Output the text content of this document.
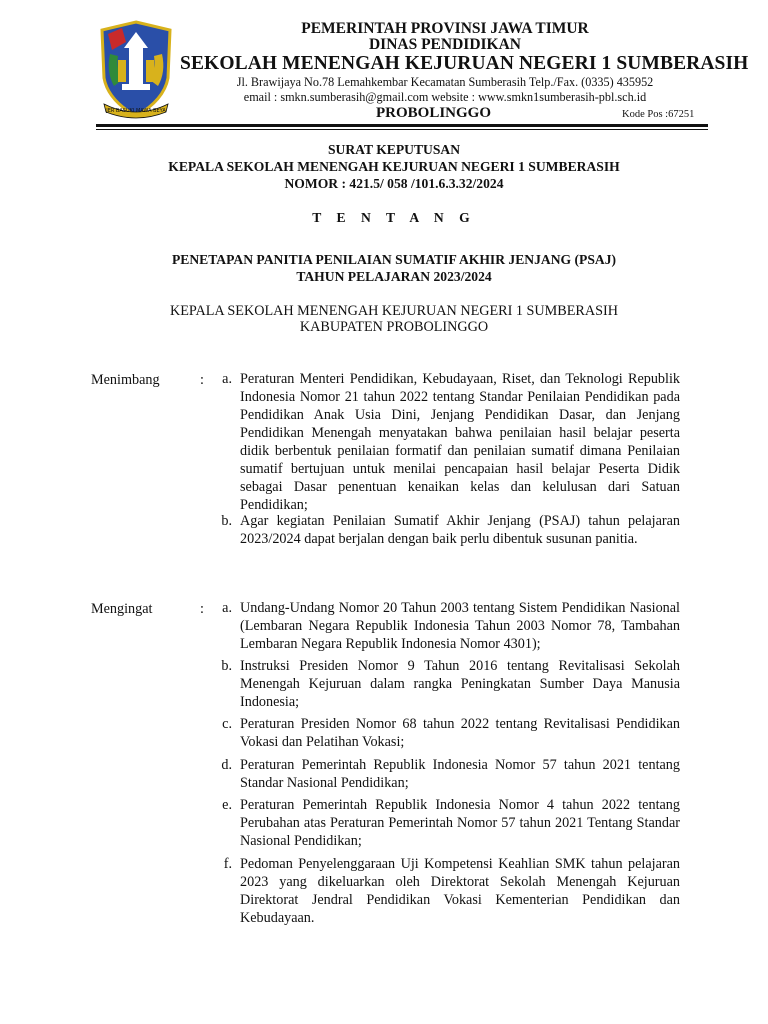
JER BASUKI MAWA BEYA
PEMERINTAH PROVINSI JAWA TIMUR
DINAS PENDIDIKAN
SEKOLAH MENENGAH KEJURUAN NEGERI 1 SUMBERASIH
Jl. Brawijaya No.78 Lemahkembar Kecamatan Sumberasih Telp./Fax. (0335) 435952
email : smkn.sumberasih@gmail.com website : www.smkn1sumberasih-pbl.sch.id
PROBOLINGGO	Kode Pos :67251
SURAT KEPUTUSAN
KEPALA SEKOLAH MENENGAH KEJURUAN NEGERI 1 SUMBERASIH
NOMOR : 421.5/ 058 /101.6.3.32/2024
T E N T A N G
PENETAPAN PANITIA PENILAIAN SUMATIF AKHIR JENJANG (PSAJ)
TAHUN PELAJARAN 2023/2024
KEPALA SEKOLAH MENENGAH KEJURUAN NEGERI 1 SUMBERASIH
KABUPATEN PROBOLINGGO
Menimbang	:	a. Peraturan Menteri Pendidikan, Kebudayaan, Riset, dan Teknologi Republik Indonesia Nomor 21 tahun 2022 tentang Standar Penilaian Pendidikan pada Pendidikan Anak Usia Dini, Jenjang Pendidikan Dasar, dan Jenjang Pendidikan Menengah menyatakan bahwa penilaian hasil belajar peserta didik berbentuk penilaian formatif dan penilaian sumatif dimana Penilaian sumatif bertujuan untuk menilai pencapaian hasil belajar Peserta Didik sebagai Dasar penentuan kenaikan kelas dan kelulusan dari Satuan Pendidikan;
b. Agar kegiatan Penilaian Sumatif Akhir Jenjang (PSAJ) tahun pelajaran 2023/2024 dapat berjalan dengan baik perlu dibentuk susunan panitia.
Mengingat	:	a. Undang-Undang Nomor 20 Tahun 2003 tentang Sistem Pendidikan Nasional (Lembaran Negara Republik Indonesia Tahun 2003 Nomor 78, Tambahan Lembaran Negara Republik Indonesia Nomor 4301);
b. Instruksi Presiden Nomor 9 Tahun 2016 tentang Revitalisasi Sekolah Menengah Kejuruan dalam rangka Peningkatan Sumber Daya Manusia Indonesia;
c. Peraturan Presiden Nomor 68 tahun 2022 tentang Revitalisasi Pendidikan Vokasi dan Pelatihan Vokasi;
d. Peraturan Pemerintah Republik Indonesia Nomor 57 tahun 2021 tentang Standar Nasional Pendidikan;
e. Peraturan Pemerintah Republik Indonesia Nomor 4 tahun 2022 tentang Perubahan atas Peraturan Pemerintah Nomor 57 tahun 2021 Tentang Standar Nasional Pendidikan;
f. Pedoman Penyelenggaraan Uji Kompetensi Keahlian SMK tahun pelajaran 2023 yang dikeluarkan oleh Direktorat Sekolah Menengah Kejuruan Direktorat Jendral Pendidikan Vokasi Kementerian Pendidikan dan Kebudayaan.
